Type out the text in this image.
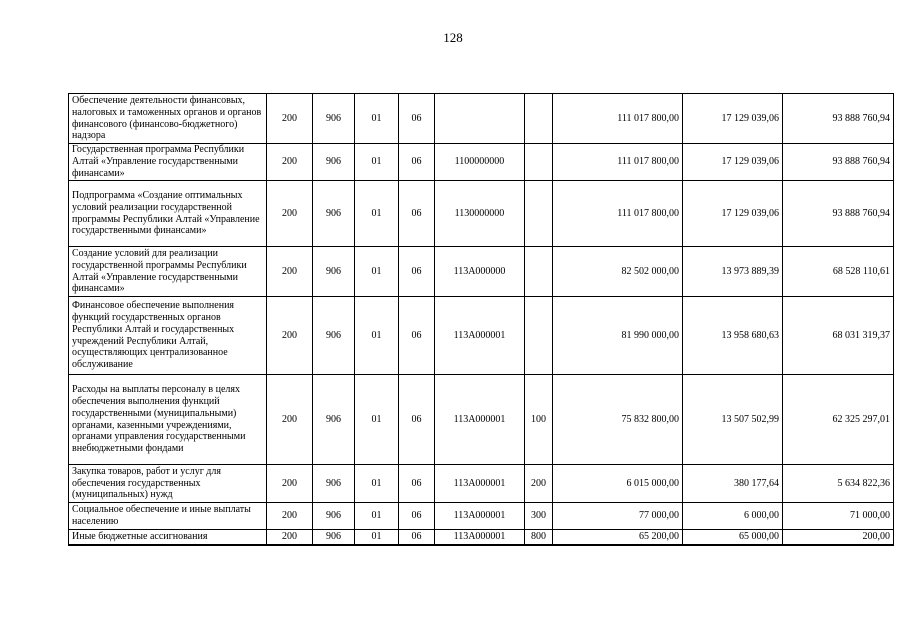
128
Обеспечение деятельности финансовых, налоговых и таможенных органов и органов финансового (финансово-бюджетного) надзора	200	906	01	06			111 017 800,00	17 129 039,06	93 888 760,94
Государственная программа Республики Алтай «Управление государственными финансами»	200	906	01	06	1100000000		111 017 800,00	17 129 039,06	93 888 760,94
Подпрограмма «Создание оптимальных условий реализации государственной программы Республики Алтай «Управление государственными финансами»	200	906	01	06	1130000000		111 017 800,00	17 129 039,06	93 888 760,94
Создание условий для реализации государственной программы Республики Алтай «Управление государственными финансами»	200	906	01	06	113А000000		82 502 000,00	13 973 889,39	68 528 110,61
Финансовое обеспечение выполнения функций государственных органов Республики Алтай и государственных учреждений Республики Алтай, осуществляющих централизованное обслуживание	200	906	01	06	113А000001		81 990 000,00	13 958 680,63	68 031 319,37
Расходы на выплаты персоналу в целях обеспечения выполнения функций государственными (муниципальными) органами, казенными учреждениями, органами управления государственными внебюджетными фондами	200	906	01	06	113А000001	100	75 832 800,00	13 507 502,99	62 325 297,01
Закупка товаров, работ и услуг для обеспечения государственных (муниципальных) нужд	200	906	01	06	113А000001	200	6 015 000,00	380 177,64	5 634 822,36
Социальное обеспечение и иные выплаты населению	200	906	01	06	113А000001	300	77 000,00	6 000,00	71 000,00
Иные бюджетные ассигнования	200	906	01	06	113А000001	800	65 200,00	65 000,00	200,00
